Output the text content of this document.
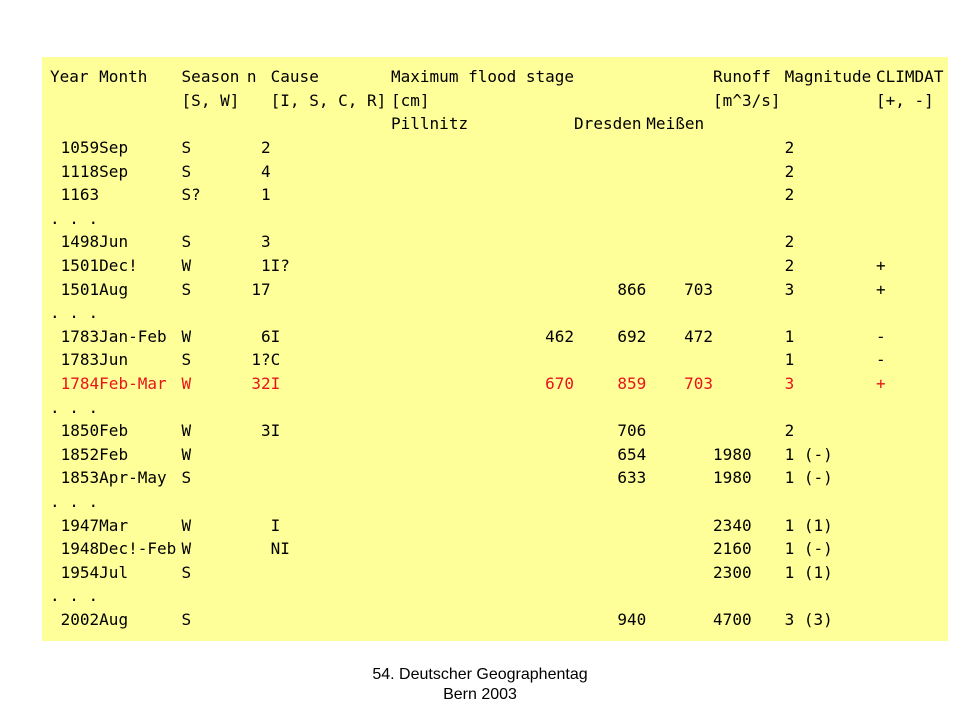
Year	Month	Season	n	Cause	Maximum flood stage			Runoff	Magnitude	CLIMDAT
		[S, W]		[I, S, C, R]	[cm]			[m^3/s]		[+, -]
					Pillnitz	Dresden	Meißen			
1059	Sep	S	2						2	
1118	Sep	S	4						2	
1163		S?	1						2	
. . .										
1498	Jun	S	3						2	
1501	Dec!	W	1	I?					2	+
1501	Aug	S	17			866	703		3	+
. . .										
1783	Jan-Feb	W	6	I	462	692	472		1	-
1783	Jun	S	1?	C					1	-
1784	Feb-Mar	W	32	I	670	859	703		3	+
. . .										
1850	Feb	W	3	I		706			2	
1852	Feb	W				654		1980	1 (-)	
1853	Apr-May	S				633		1980	1 (-)	
. . .										
1947	Mar	W		I				2340	1 (1)	
1948	Dec!-Feb	W		NI				2160	1 (-)	
1954	Jul	S						2300	1 (1)	
. . .										
2002	Aug	S				940		4700	3 (3)	
54. Deutscher Geographentag
Bern 2003
